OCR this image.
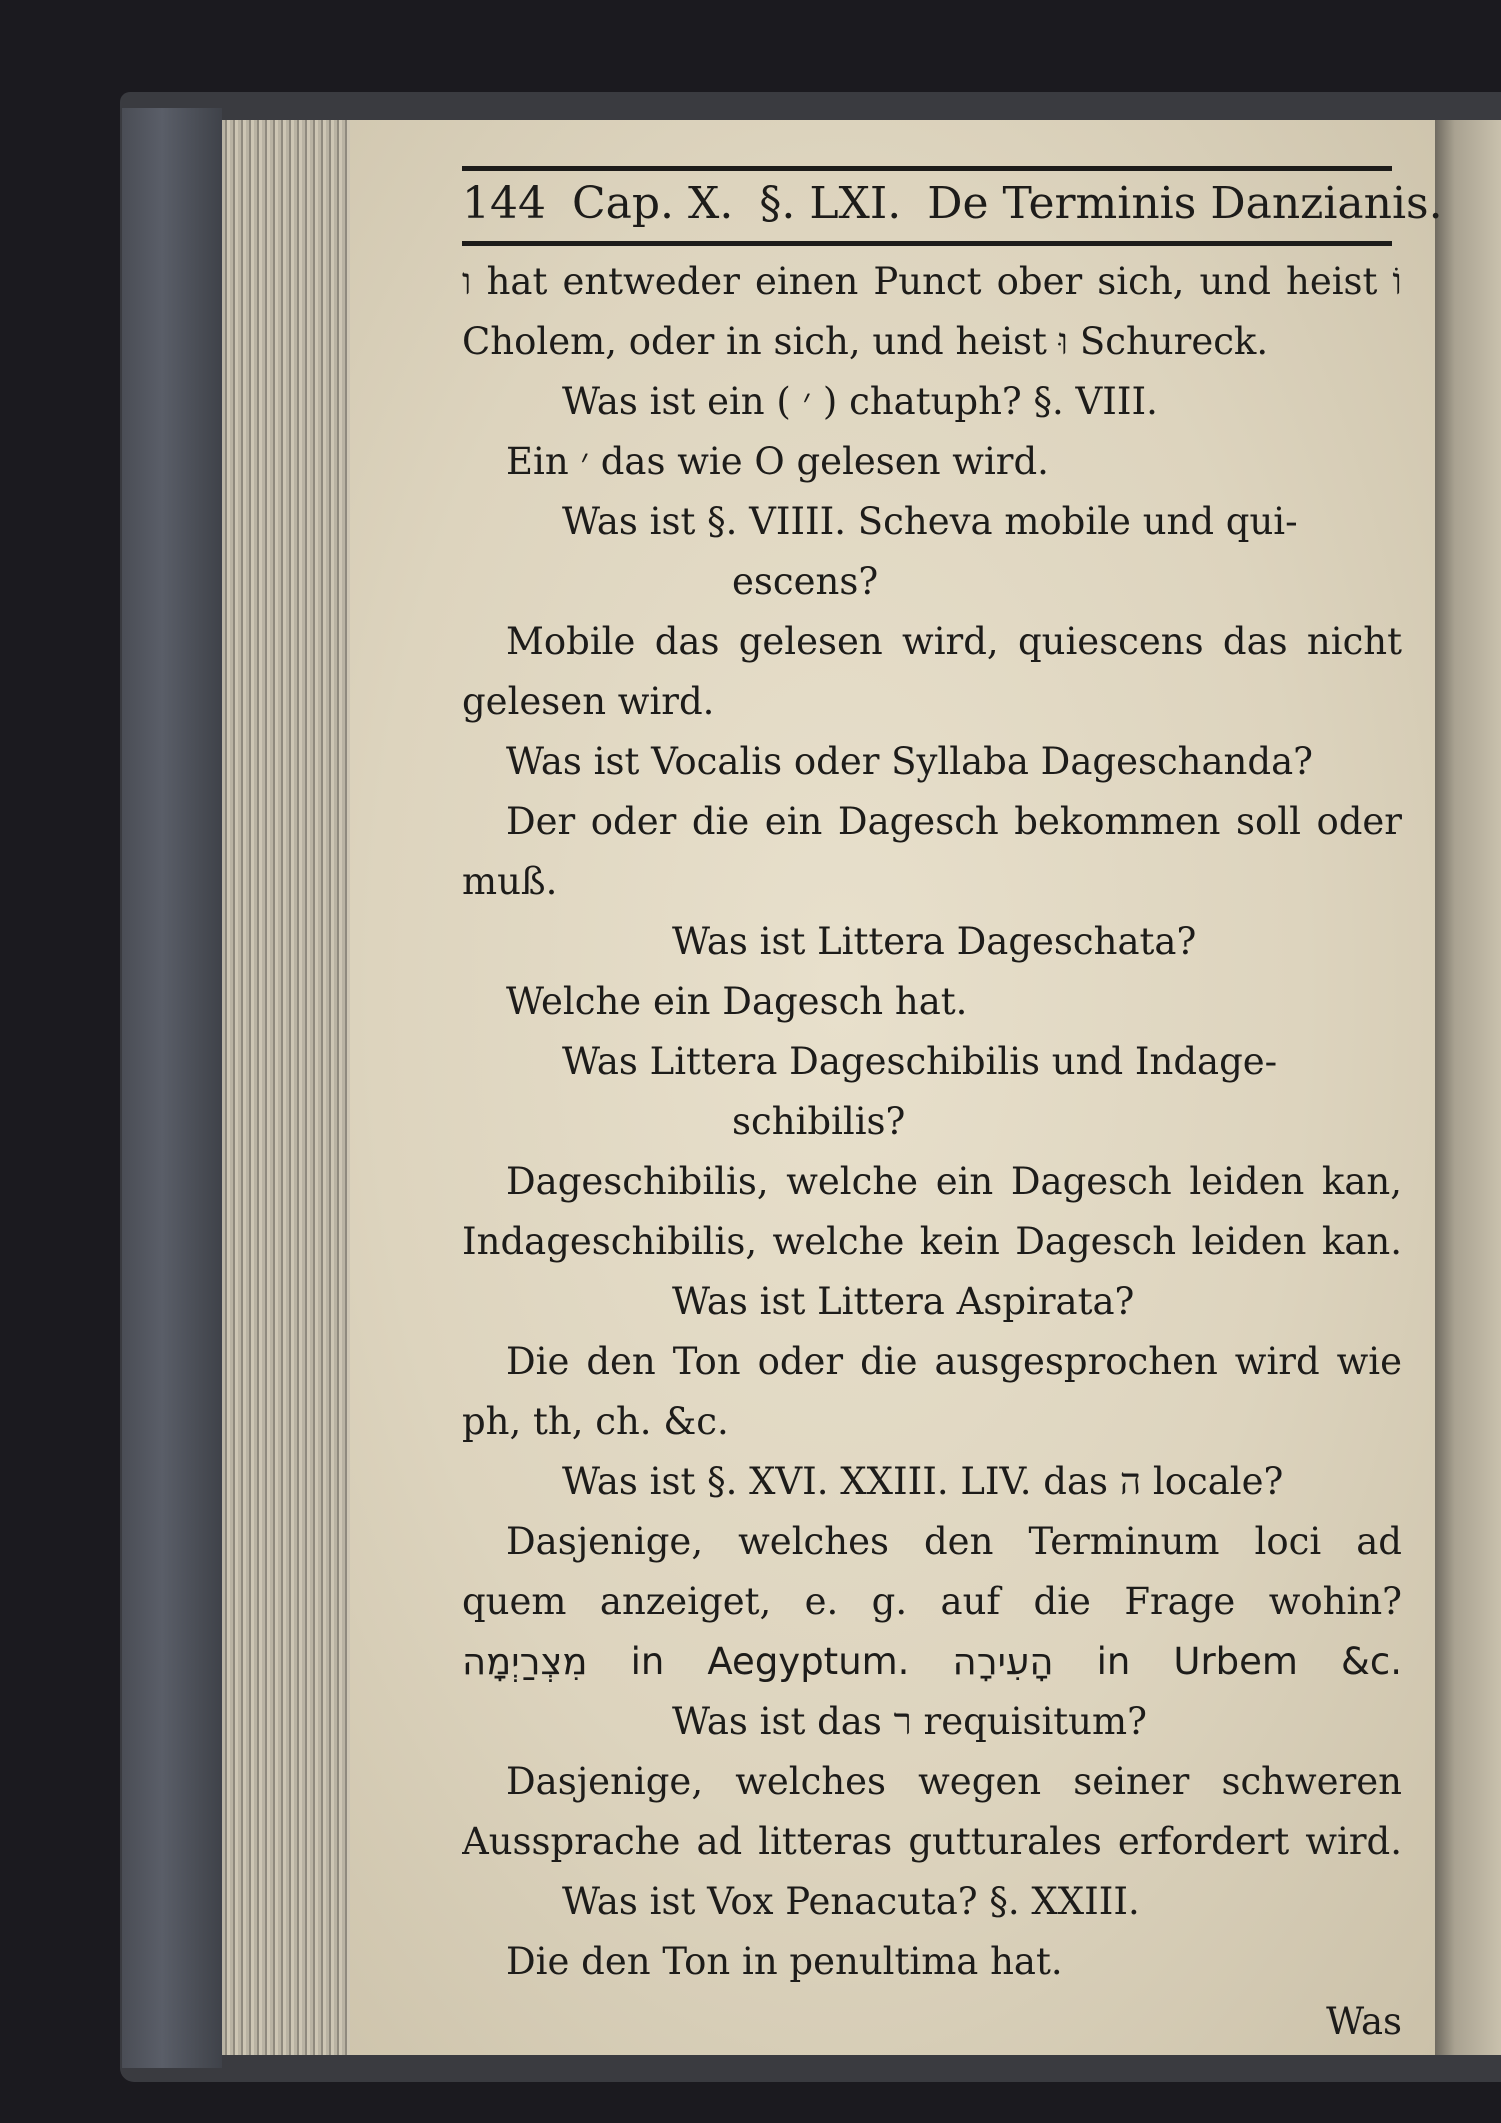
144 Cap. X. §. LXI. De Terminis Danzianis.
ו hat entweder einen Punct ober sich, und heist וֹ
Cholem, oder in sich, und heist וּ Schureck.
Was ist ein ( ׳ ) chatuph? §. VIII.
Ein ׳ das wie O gelesen wird.
Was ist §. VIIII. Scheva mobile und qui-
escens?
Mobile das gelesen wird, quiescens das nicht
gelesen wird.
Was ist Vocalis oder Syllaba Dageschanda?
Der oder die ein Dagesch bekommen soll oder
muß.
Was ist Littera Dageschata?
Welche ein Dagesch hat.
Was Littera Dageschibilis und Indage-
schibilis?
Dageschibilis, welche ein Dagesch leiden kan,
Indageschibilis, welche kein Dagesch leiden kan.
Was ist Littera Aspirata?
Die den Ton oder die ausgesprochen wird wie
ph, th, ch. &c.
Was ist §. XVI. XXIII. LIV. das ה locale?
Dasjenige, welches den Terminum loci ad
quem anzeiget, e. g. auf die Frage wohin?
מִצְרַיְמָה in Aegyptum. הָעִירָה in Urbem &c.
Was ist das ר requisitum?
Dasjenige, welches wegen seiner schweren
Aussprache ad litteras gutturales erfordert wird.
Was ist Vox Penacuta? §. XXIII.
Die den Ton in penultima hat.
Was
